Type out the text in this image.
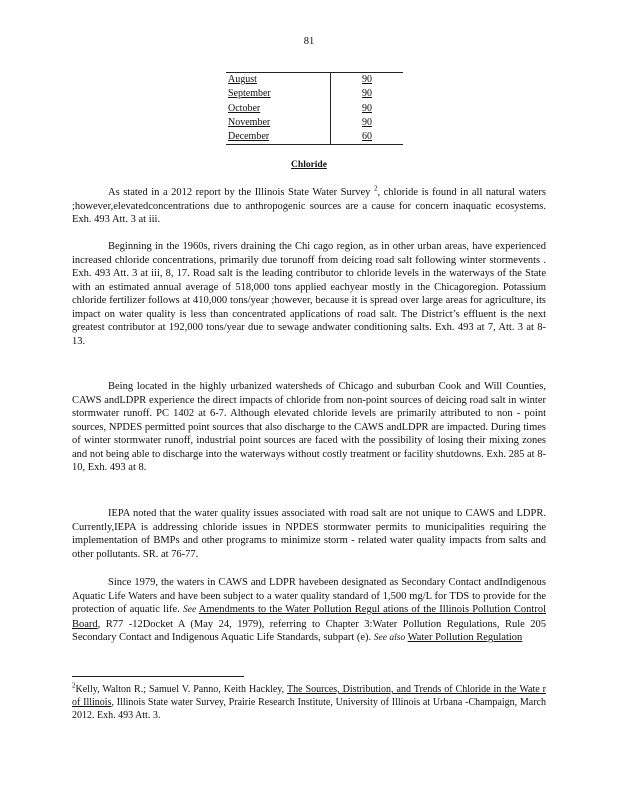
81
August	90
September	90
October	90
November	90
December	60
Chloride

As stated in a 2012 report by the Illinois State Water Survey $^2$, chloride is found in all natural waters ;however,elevatedconcentrations due to anthropogenic sources are a cause for concern inaquatic ecosystems. Exh. 493 Att. 3 at iii.

Beginning in the 1960s, rivers draining the Chi cago region, as in other urban areas, have experienced increased chloride concentrations, primarily due torunoff from deicing road salt following winter stormevents . Exh. 493 Att. 3 at iii, 8, 17. Road salt is the leading contributor to chloride levels in the waterways of the State with an estimated annual average of 518,000 tons applied eachyear mostly in the Chicagoregion. Potassium chloride fertilizer follows at 410,000 tons/year ;however, because it is spread over large areas for agriculture, its impact on water quality is less than concentrated applications of road salt. The District’s effluent is the next greatest contributor at 192,000 tons/year due to sewage andwater conditioning salts. Exh. 493 at 7, Att. 3 at 8-13.

Being located in the highly urbanized watersheds of Chicago and suburban Cook and Will Counties, CAWS andLDPR experience the direct impacts of chloride from non-point sources of deicing road salt in winter stormwater runoff. PC 1402 at 6-7. Although elevated chloride levels are primarily attributed to non - point sources, NPDES permitted point sources that also discharge to the CAWS andLDPR are impacted. During times of winter stormwater runoff, industrial point sources are faced with the possibility of losing their mixing zones and not being able to discharge into the waterways without costly treatment or facility shutdowns. Exh. 285 at 8-10, Exh. 493 at 8.

IEPA noted that the water quality issues associated with road salt are not unique to CAWS and LDPR. Currently,IEPA is addressing chloride issues in NPDES stormwater permits to municipalities requiring the implementation of BMPs and other programs to minimize storm - related water quality impacts from salts and other pollutants. SR. at 76-77.

Since 1979, the waters in CAWS and LDPR havebeen designated as Secondary Contact andIndigenous Aquatic Life Waters and have been subject to a water quality standard of 1,500 mg/L for TDS to provide for the protection of aquatic life. See Amendments to the Water Pollution Regul ations of the Illinois Pollution Control Board, R77 -12Docket A (May 24, 1979), referring to Chapter 3:Water Pollution Regulations, Rule 205 Secondary Contact and Indigenous Aquatic Life Standards, subpart (e). See also Water Pollution Regulation

$^2$Kelly, Walton R.; Samuel V. Panno, Keith Hackley, The Sources, Distribution, and Trends of Chloride in the Wate r of Illinois, Illinois State water Survey, Prairie Research Institute, University of Illinois at Urbana -Champaign, March 2012. Exh. 493 Att. 3.
